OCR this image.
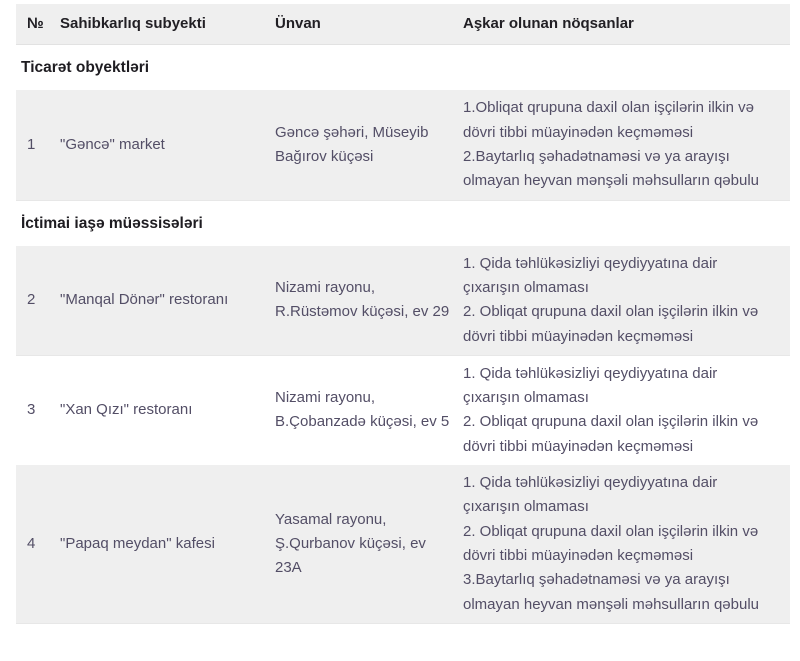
№	Sahibkarlıq subyekti	Ünvan	Aşkar olunan nöqsanlar
Ticarət obyektləri			
1	"Gəncə" market	Gəncə şəhəri, Müseyib Bağırov küçəsi	1.Obliqat qrupuna daxil olan işçilərin ilkin və dövri tibbi müayinədən keçməməsi
2.Baytarlıq şəhadətnaməsi və ya arayışı olmayan heyvan mənşəli məhsulların qəbulu

İctimai iaşə müəssisələri			
2	"Manqal Dönər" restoranı	Nizami rayonu, R.Rüstəmov küçəsi, ev 29	1. Qida təhlükəsizliyi qeydiyyatına dair çıxarışın olmaması
2. Obliqat qrupuna daxil olan işçilərin ilkin və dövri tibbi müayinədən keçməməsi

3	"Xan Qızı" restoranı	Nizami rayonu, B.Çobanzadə küçəsi, ev 5	1. Qida təhlükəsizliyi qeydiyyatına dair çıxarışın olmaması
2. Obliqat qrupuna daxil olan işçilərin ilkin və dövri tibbi müayinədən keçməməsi

4	"Papaq meydan" kafesi	Yasamal rayonu, Ş.Qurbanov küçəsi, ev 23A	1. Qida təhlükəsizliyi qeydiyyatına dair çıxarışın olmaması
2. Obliqat qrupuna daxil olan işçilərin ilkin və dövri tibbi müayinədən keçməməsi
3.Baytarlıq şəhadətnaməsi və ya arayışı olmayan heyvan mənşəli məhsulların qəbulu
